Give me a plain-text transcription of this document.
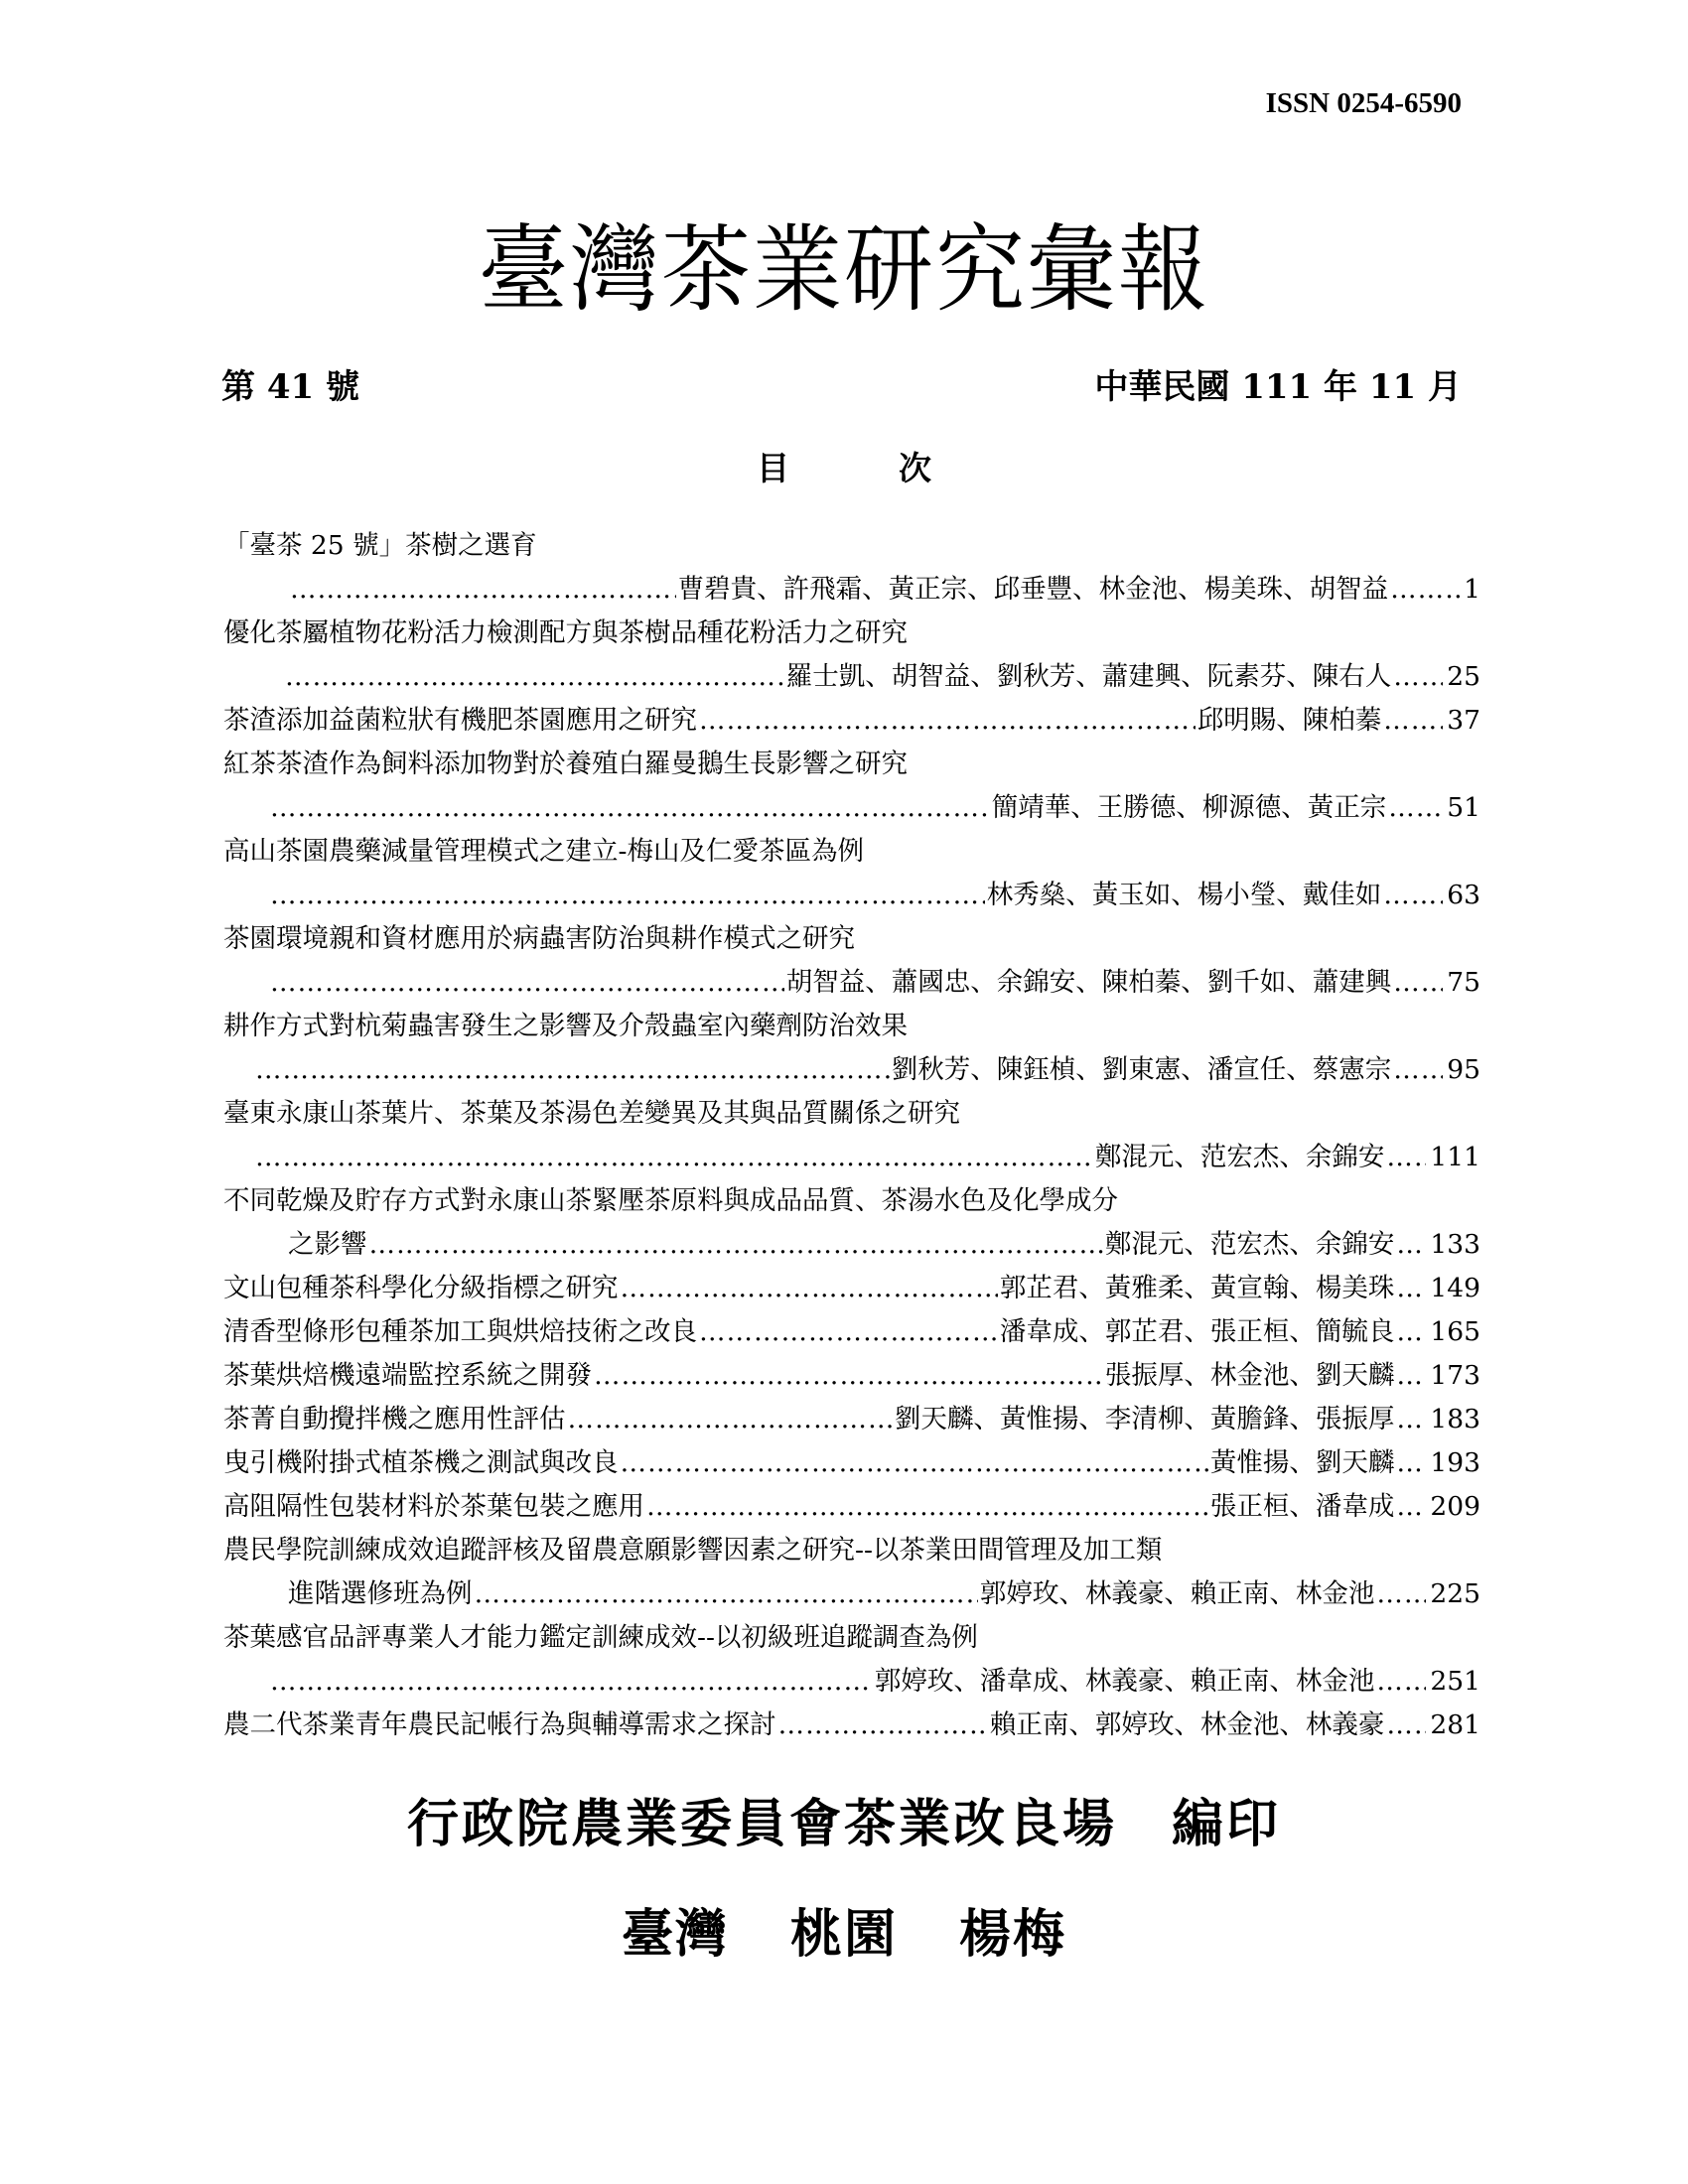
ISSN 0254-6590
臺灣茶業研究彙報
第 41 號	中華民國 111 年 11 月
目次
「臺茶 25 號」茶樹之選育
……………………………………………………………………………………………………………………………………………………
曹碧貴、許飛霜、黃正宗、邱垂豐、林金池、楊美珠、胡智益 ……………………………………………………………………………………………………………………………………………………	1
優化茶屬植物花粉活力檢測配方與茶樹品種花粉活力之研究
……………………………………………………………………………………………………………………………………………………
羅士凱、胡智益、劉秋芳、蕭建興、阮素芬、陳右人 …………………………………………………………………………………………………………………………………………………… 25
茶渣添加益菌粒狀有機肥茶園應用之研究 ……………………………………………………………………………………………………………………………………………………	邱明賜、陳柏蓁 …………………………………………………………………………………………………………………………………………………… 37
紅茶茶渣作為飼料添加物對於養殖白羅曼鵝生長影響之研究
……………………………………………………………………………………………………………………………………………………
簡靖華、王勝德、柳源德、黃正宗 …………………………………………………………………………………………………………………………………………………… 51
高山茶園農藥減量管理模式之建立-梅山及仁愛茶區為例
……………………………………………………………………………………………………………………………………………………
林秀燊、黃玉如、楊小瑩、戴佳如 …………………………………………………………………………………………………………………………………………………… 63
茶園環境親和資材應用於病蟲害防治與耕作模式之研究
……………………………………………………………………………………………………………………………………………………
胡智益、蕭國忠、余錦安、陳柏蓁、劉千如、蕭建興 …………………………………………………………………………………………………………………………………………………… 75
耕作方式對杭菊蟲害發生之影響及介殼蟲室內藥劑防治效果
……………………………………………………………………………………………………………………………………………………
劉秋芳、陳鈺楨、劉東憲、潘宣任、蔡憲宗 …………………………………………………………………………………………………………………………………………………… 95
臺東永康山茶葉片、茶葉及茶湯色差變異及其與品質關係之研究
……………………………………………………………………………………………………………………………………………………
鄭混元、范宏杰、余錦安 …………………………………………………………………………………………………………………………………………………… 111
不同乾燥及貯存方式對永康山茶緊壓茶原料與成品品質、茶湯水色及化學成分
之影響 ……………………………………………………………………………………………………………………………………………………	鄭混元、范宏杰、余錦安 …………………………………………………………………………………………………………………………………………………… 133
文山包種茶科學化分級指標之研究 ……………………………………………………………………………………………………………………………………………………	郭芷君、黃雅柔、黃宣翰、楊美珠 …………………………………………………………………………………………………………………………………………………… 149
清香型條形包種茶加工與烘焙技術之改良 ……………………………………………………………………………………………………………………………………………………	潘韋成、郭芷君、張正桓、簡毓良 …………………………………………………………………………………………………………………………………………………… 165
茶葉烘焙機遠端監控系統之開發 ……………………………………………………………………………………………………………………………………………………	張振厚、林金池、劉天麟 …………………………………………………………………………………………………………………………………………………… 173
茶菁自動攪拌機之應用性評估 ……………………………………………………………………………………………………………………………………………………	劉天麟、黃惟揚、李清柳、黃膽鋒、張振厚 …………………………………………………………………………………………………………………………………………………… 183
曳引機附掛式植茶機之測試與改良 ……………………………………………………………………………………………………………………………………………………	黃惟揚、劉天麟 …………………………………………………………………………………………………………………………………………………… 193
高阻隔性包裝材料於茶葉包裝之應用 ……………………………………………………………………………………………………………………………………………………	張正桓、潘韋成 …………………………………………………………………………………………………………………………………………………… 209
農民學院訓練成效追蹤評核及留農意願影響因素之研究--以茶業田間管理及加工類
進階選修班為例 ……………………………………………………………………………………………………………………………………………………	郭婷玫、林義豪、賴正南、林金池 …………………………………………………………………………………………………………………………………………………… 225
茶葉感官品評專業人才能力鑑定訓練成效--以初級班追蹤調查為例
……………………………………………………………………………………………………………………………………………………
郭婷玫、潘韋成、林義豪、賴正南、林金池 …………………………………………………………………………………………………………………………………………………… 251
農二代茶業青年農民記帳行為與輔導需求之探討 ……………………………………………………………………………………………………………………………………………………	賴正南、郭婷玫、林金池、林義豪 …………………………………………………………………………………………………………………………………………………… 281
行政院農業委員會茶業改良場 編印
臺灣 桃園 楊梅
